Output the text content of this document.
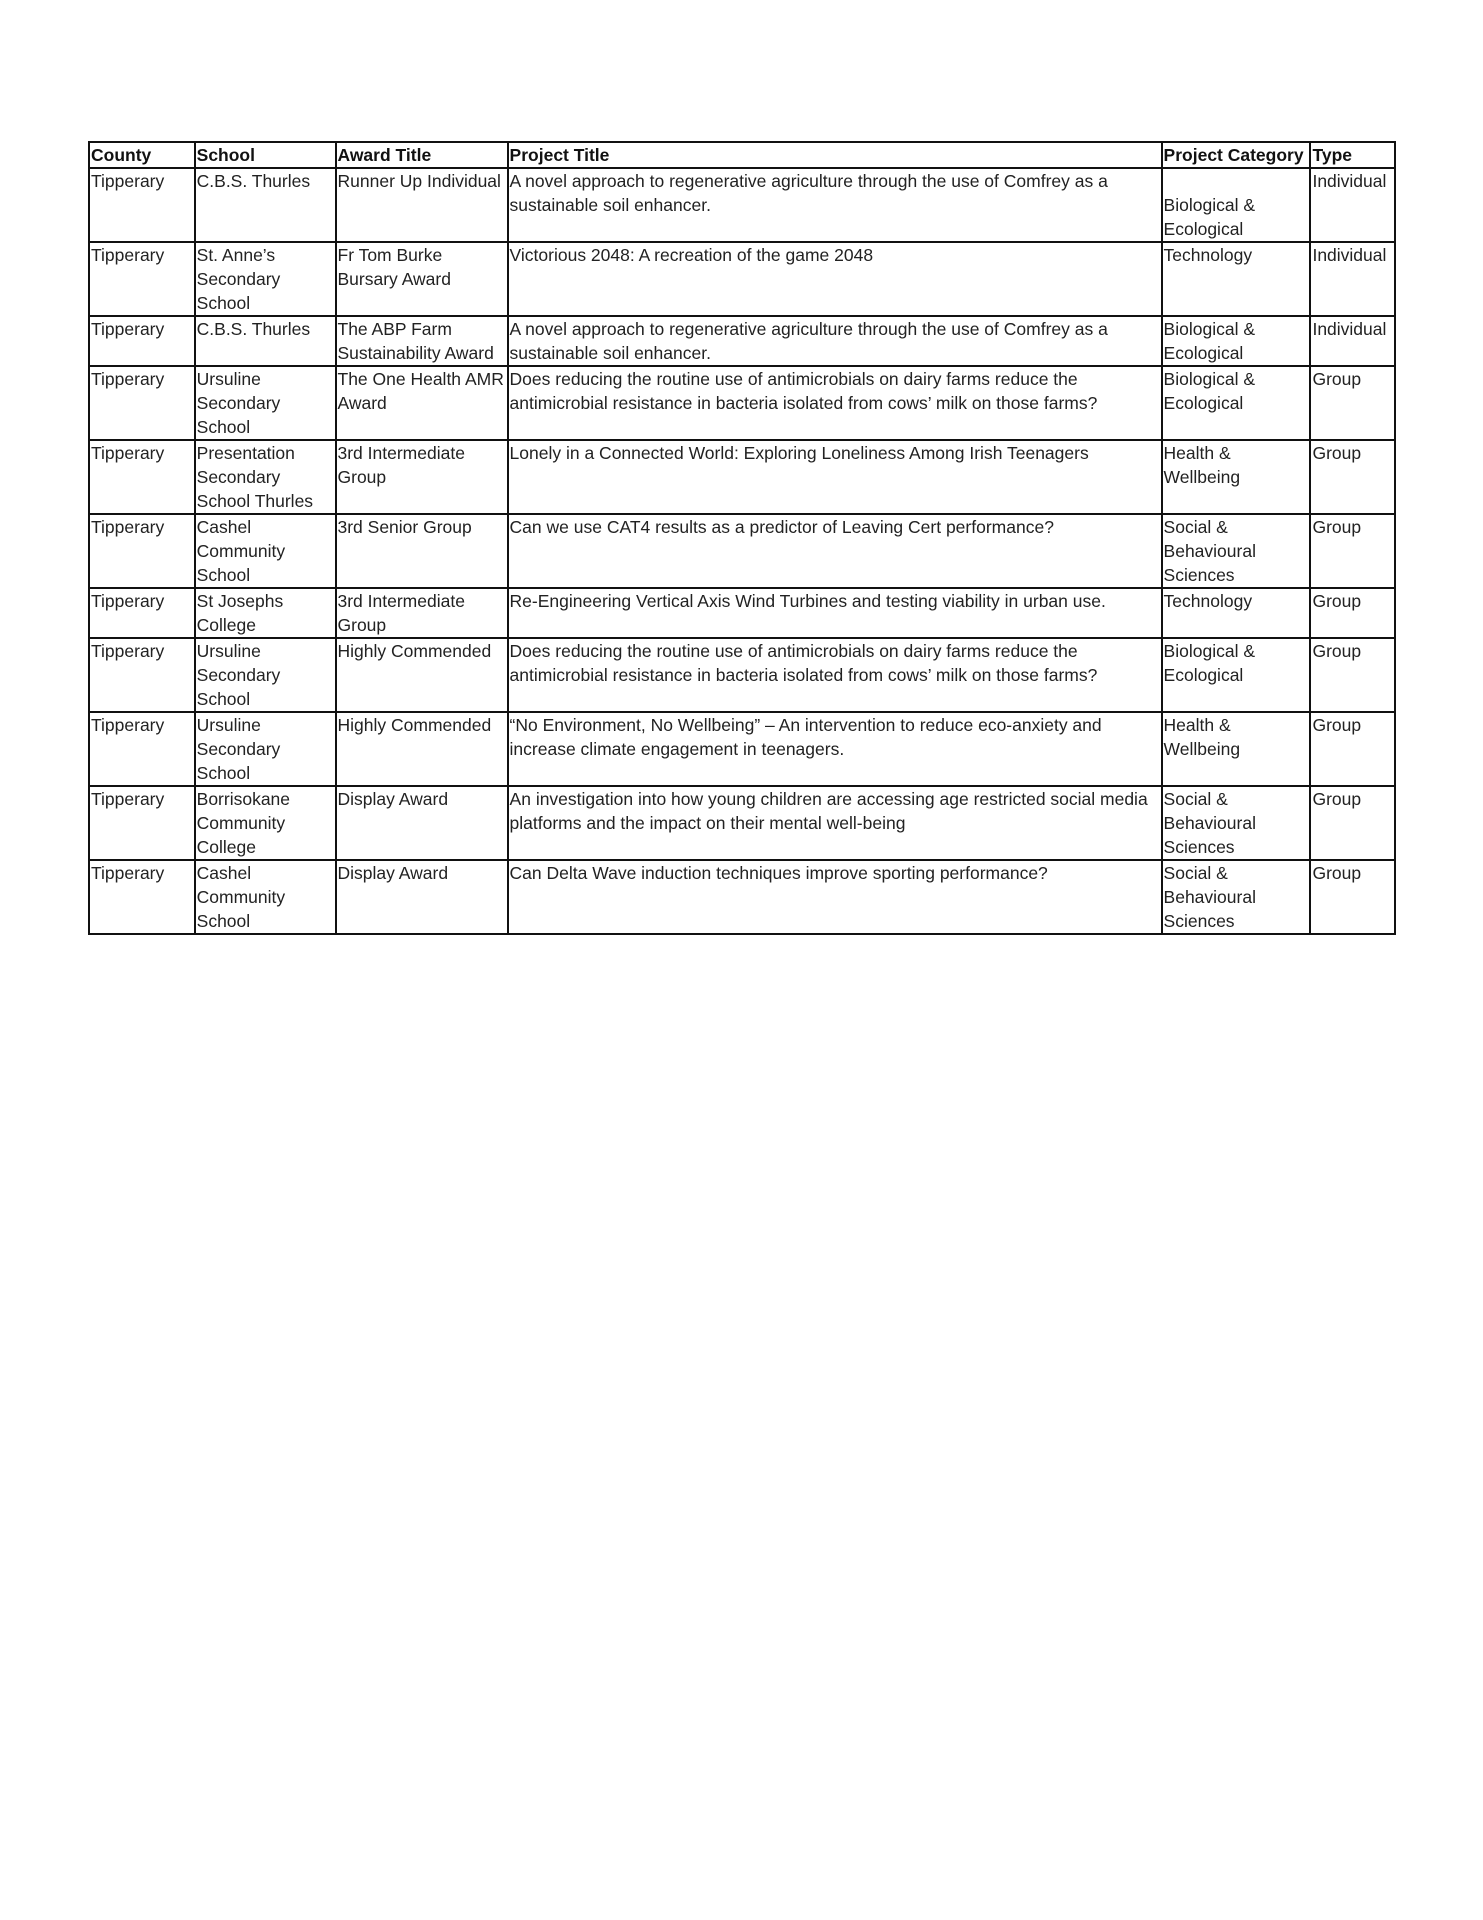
County	School	Award Title	Project Title	Project Category	Type
Tipperary	C.B.S. Thurles	Runner Up Individual	A novel approach to regenerative agriculture through the use of Comfrey as a sustainable soil enhancer.	Biological & Ecological	Individual
Tipperary	St. Anne’s Secondary School	Fr Tom Burke Bursary Award	Victorious 2048: A recreation of the game 2048	Technology	Individual
Tipperary	C.B.S. Thurles	The ABP Farm Sustainability Award	A novel approach to regenerative agriculture through the use of Comfrey as a sustainable soil enhancer.	Biological & Ecological	Individual
Tipperary	Ursuline Secondary School	The One Health AMR Award	Does reducing the routine use of antimicrobials on dairy farms reduce the antimicrobial resistance in bacteria isolated from cows’ milk on those farms?	Biological & Ecological	Group
Tipperary	Presentation Secondary School Thurles	3rd Intermediate Group	Lonely in a Connected World: Exploring Loneliness Among Irish Teenagers	Health & Wellbeing	Group
Tipperary	Cashel Community School	3rd Senior Group	Can we use CAT4 results as a predictor of Leaving Cert performance?	Social & Behavioural Sciences	Group
Tipperary	St Josephs College	3rd Intermediate Group	Re-Engineering Vertical Axis Wind Turbines and testing viability in urban use.	Technology	Group
Tipperary	Ursuline Secondary School	Highly Commended	Does reducing the routine use of antimicrobials on dairy farms reduce the antimicrobial resistance in bacteria isolated from cows’ milk on those farms?	Biological & Ecological	Group
Tipperary	Ursuline Secondary School	Highly Commended	“No Environment, No Wellbeing” – An intervention to reduce eco-anxiety and increase climate engagement in teenagers.	Health & Wellbeing	Group
Tipperary	Borrisokane Community College	Display Award	An investigation into how young children are accessing age restricted social media platforms and the impact on their mental well-being	Social & Behavioural Sciences	Group
Tipperary	Cashel Community School	Display Award	Can Delta Wave induction techniques improve sporting performance?	Social & Behavioural Sciences	Group
